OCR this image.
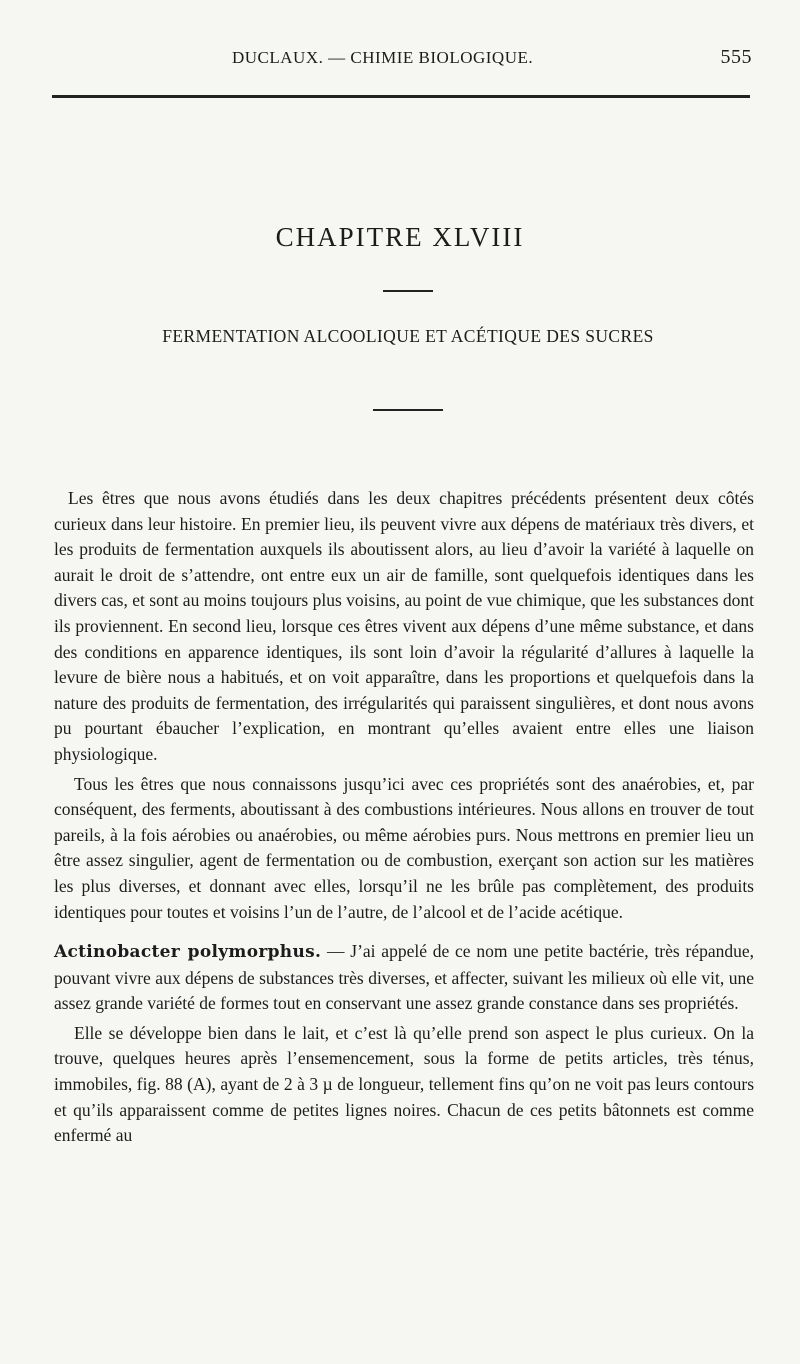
DUCLAUX. — CHIMIE BIOLOGIQUE.	555
CHAPITRE XLVIII
FERMENTATION ALCOOLIQUE ET ACÉTIQUE DES SUCRES

Les êtres que nous avons étudiés dans les deux chapitres précédents présentent deux côtés curieux dans leur histoire. En premier lieu, ils peuvent vivre aux dépens de matériaux très divers, et les produits de fermentation auxquels ils aboutissent alors, au lieu d’avoir la variété à laquelle on aurait le droit de s’attendre, ont entre eux un air de famille, sont quelquefois identiques dans les divers cas, et sont au moins toujours plus voisins, au point de vue chimique, que les substances dont ils proviennent. En second lieu, lorsque ces êtres vivent aux dépens d’une même substance, et dans des conditions en apparence identiques, ils sont loin d’avoir la régularité d’allures à laquelle la levure de bière nous a habitués, et on voit apparaître, dans les proportions et quelquefois dans la nature des produits de fermentation, des irrégularités qui paraissent singulières, et dont nous avons pu pourtant ébaucher l’explication, en montrant qu’elles avaient entre elles une liaison physiologique.

Tous les êtres que nous connaissons jusqu’ici avec ces propriétés sont des anaérobies, et, par conséquent, des ferments, aboutissant à des combustions intérieures. Nous allons en trouver de tout pareils, à la fois aérobies ou anaérobies, ou même aérobies purs. Nous mettrons en premier lieu un être assez singulier, agent de fermentation ou de combustion, exerçant son action sur les matières les plus diverses, et donnant avec elles, lorsqu’il ne les brûle pas complètement, des produits identiques pour toutes et voisins l’un de l’autre, de l’alcool et de l’acide acétique.

Actinobacter polymorphus. — J’ai appelé de ce nom une petite bactérie, très répandue, pouvant vivre aux dépens de substances très diverses, et affecter, suivant les milieux où elle vit, une assez grande variété de formes tout en conservant une assez grande constance dans ses propriétés.

Elle se développe bien dans le lait, et c’est là qu’elle prend son aspect le plus curieux. On la trouve, quelques heures après l’ensemencement, sous la forme de petits articles, très ténus, immobiles, fig. 88 (A), ayant de 2 à 3 µ de longueur, tellement fins qu’on ne voit pas leurs contours et qu’ils apparaissent comme de petites lignes noires. Chacun de ces petits bâtonnets est comme enfermé au
